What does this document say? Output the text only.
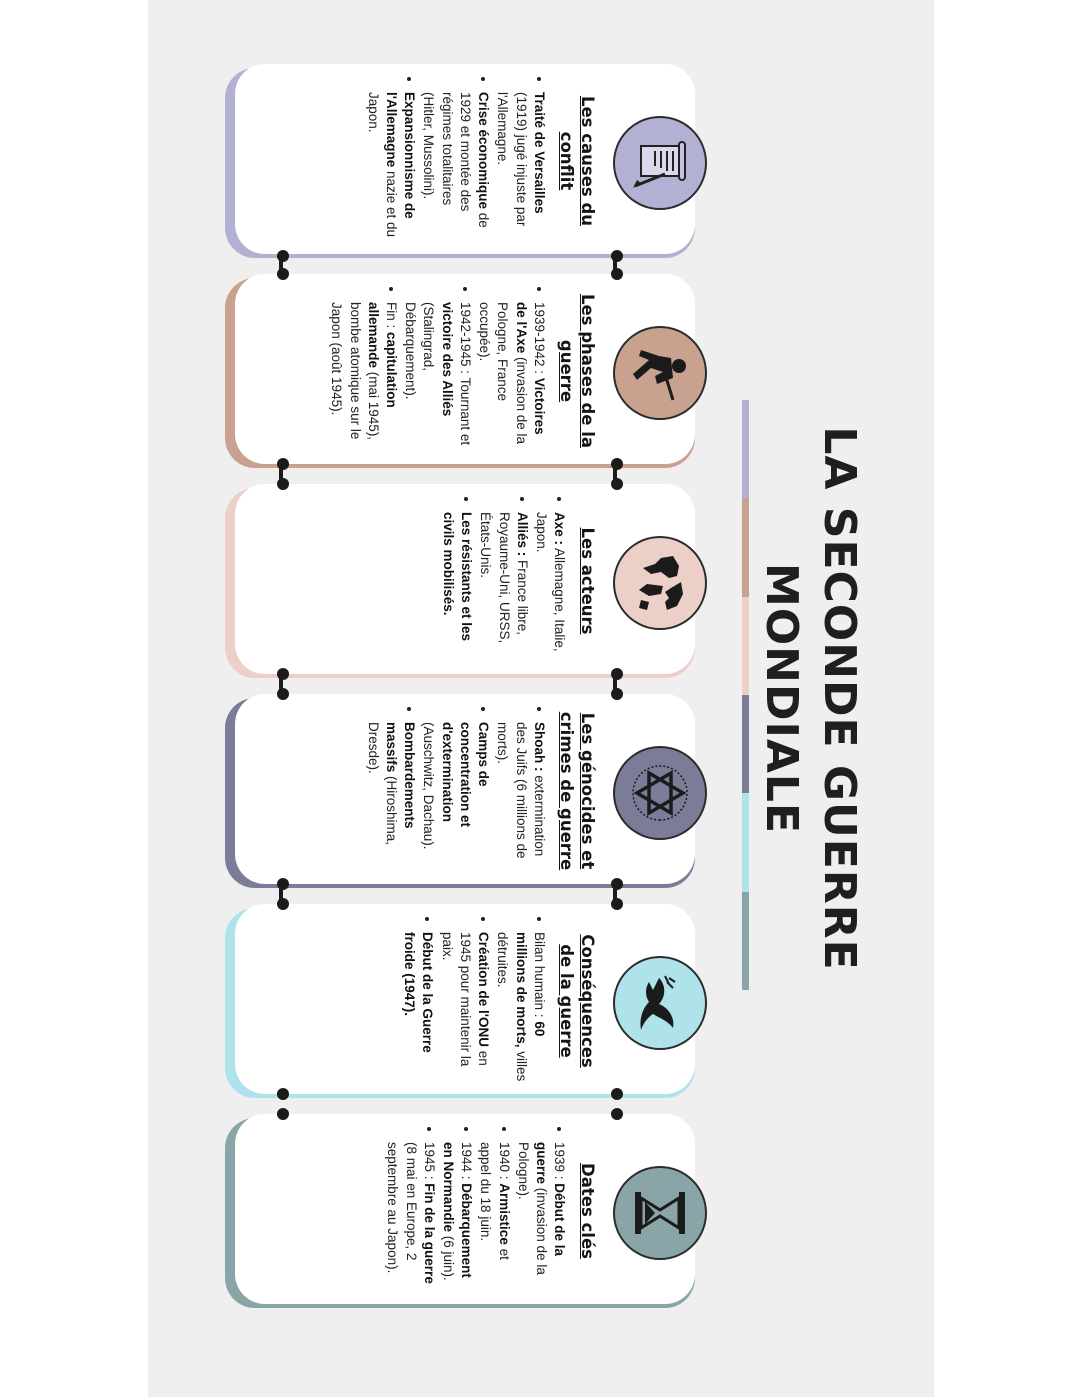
LA SECONDE GUERRE
MONDIALE
Les causes du conflit
• Traité de Versailles (1919) jugé injuste par l'Allemagne.
• Crise économique de 1929 et montée des régimes totalitaires (Hitler, Mussolini).
• Expansionnisme de l'Allemagne nazie et du Japon.
Les phases de la guerre
• 1939-1942 : Victoires de l'Axe (invasion de la Pologne, France occupée).
• 1942-1945 : Tournant et victoire des Alliés (Stalingrad, Débarquement).
• Fin : capitulation allemande (mai 1945), bombe atomique sur le Japon (août 1945).
Les acteurs
• Axe : Allemagne, Italie, Japon.
• Alliés : France libre, Royaume-Uni, URSS, États-Unis.
• Les résistants et les civils mobilisés.
Les génocides et crimes de guerre
• Shoah : extermination des Juifs (6 millions de morts).
• Camps de concentration et d'extermination (Auschwitz, Dachau).
• Bombardements massifs (Hiroshima, Dresde).
Conséquences de la guerre
• Bilan humain : 60 millions de morts, villes détruites.
• Création de l'ONU en 1945 pour maintenir la paix.
• Début de la Guerre froide (1947).
Dates clés
• 1939 : Début de la guerre (invasion de la Pologne).
• 1940 : Armistice et appel du 18 juin.
• 1944 : Débarquement en Normandie (6 juin).
• 1945 : Fin de la guerre (8 mai en Europe, 2 septembre au Japon).
